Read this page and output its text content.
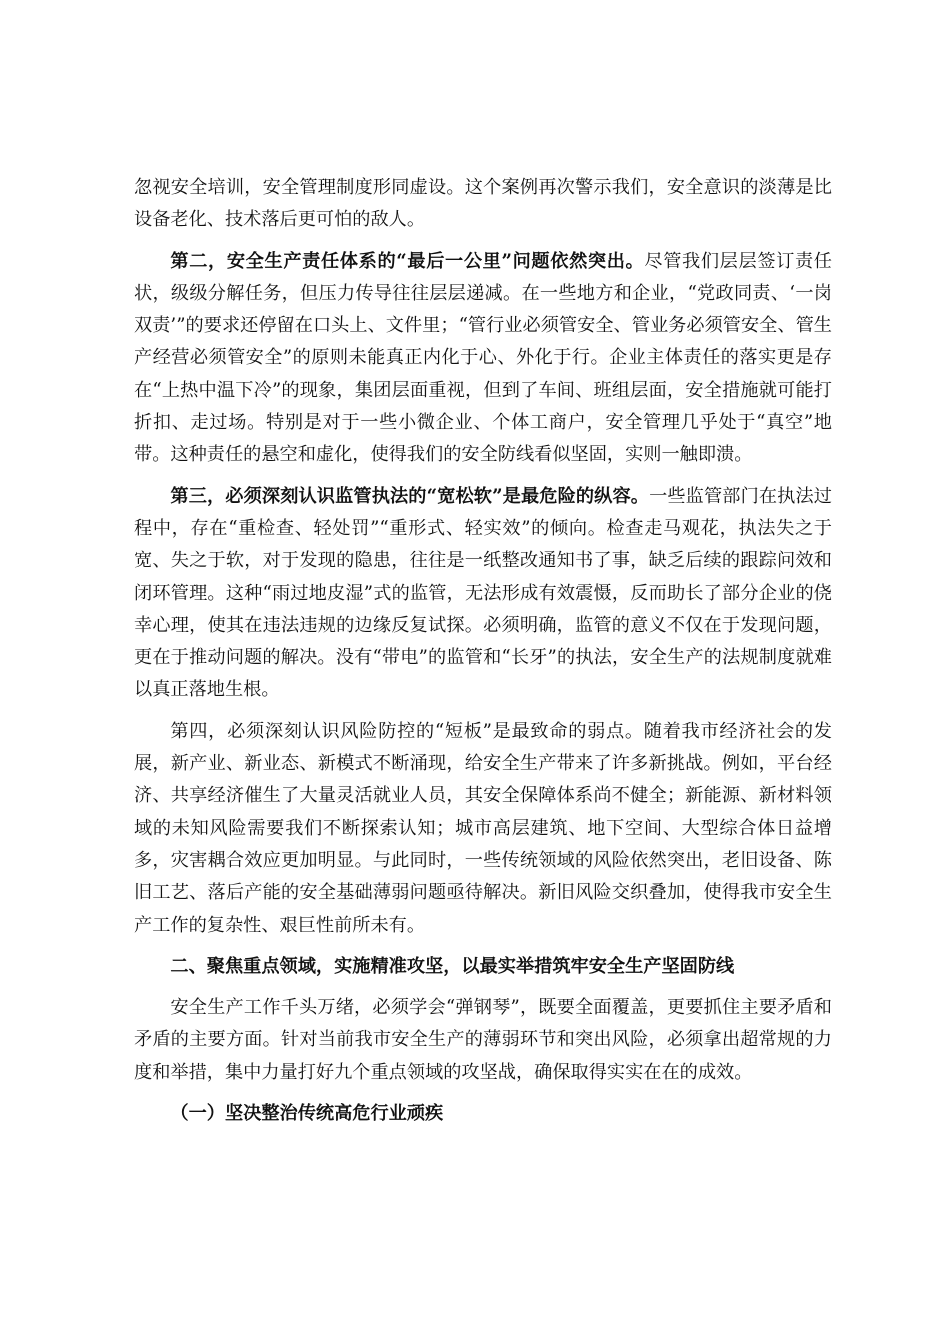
忽视安全培训，安全管理制度形同虚设。这个案例再次警示我们，安全意识的淡薄是比设备老化、技术落后更可怕的敌人。

第二，安全生产责任体系的“最后一公里”问题依然突出。尽管我们层层签订责任状，级级分解任务，但压力传导往往层层递减。在一些地方和企业，“党政同责、‘一岗双责’”的要求还停留在口头上、文件里；“管行业必须管安全、管业务必须管安全、管生产经营必须管安全”的原则未能真正内化于心、外化于行。企业主体责任的落实更是存在“上热中温下冷”的现象，集团层面重视，但到了车间、班组层面，安全措施就可能打折扣、走过场。特别是对于一些小微企业、个体工商户，安全管理几乎处于“真空”地带。这种责任的悬空和虚化，使得我们的安全防线看似坚固，实则一触即溃。

第三，必须深刻认识监管执法的“宽松软”是最危险的纵容。一些监管部门在执法过程中，存在“重检查、轻处罚”“重形式、轻实效”的倾向。检查走马观花，执法失之于宽、失之于软，对于发现的隐患，往往是一纸整改通知书了事，缺乏后续的跟踪问效和闭环管理。这种“雨过地皮湿”式的监管，无法形成有效震慑，反而助长了部分企业的侥幸心理，使其在违法违规的边缘反复试探。必须明确，监管的意义不仅在于发现问题，更在于推动问题的解决。没有“带电”的监管和“长牙”的执法，安全生产的法规制度就难以真正落地生根。

第四，必须深刻认识风险防控的“短板”是最致命的弱点。随着我市经济社会的发展，新产业、新业态、新模式不断涌现，给安全生产带来了许多新挑战。例如，平台经济、共享经济催生了大量灵活就业人员，其安全保障体系尚不健全；新能源、新材料领域的未知风险需要我们不断探索认知；城市高层建筑、地下空间、大型综合体日益增多，灾害耦合效应更加明显。与此同时，一些传统领域的风险依然突出，老旧设备、陈旧工艺、落后产能的安全基础薄弱问题亟待解决。新旧风险交织叠加，使得我市安全生产工作的复杂性、艰巨性前所未有。

二、聚焦重点领域，实施精准攻坚，以最实举措筑牢安全生产坚固防线

安全生产工作千头万绪，必须学会“弹钢琴”，既要全面覆盖，更要抓住主要矛盾和矛盾的主要方面。针对当前我市安全生产的薄弱环节和突出风险，必须拿出超常规的力度和举措，集中力量打好九个重点领域的攻坚战，确保取得实实在在的成效。

（一）坚决整治传统高危行业顽疾
